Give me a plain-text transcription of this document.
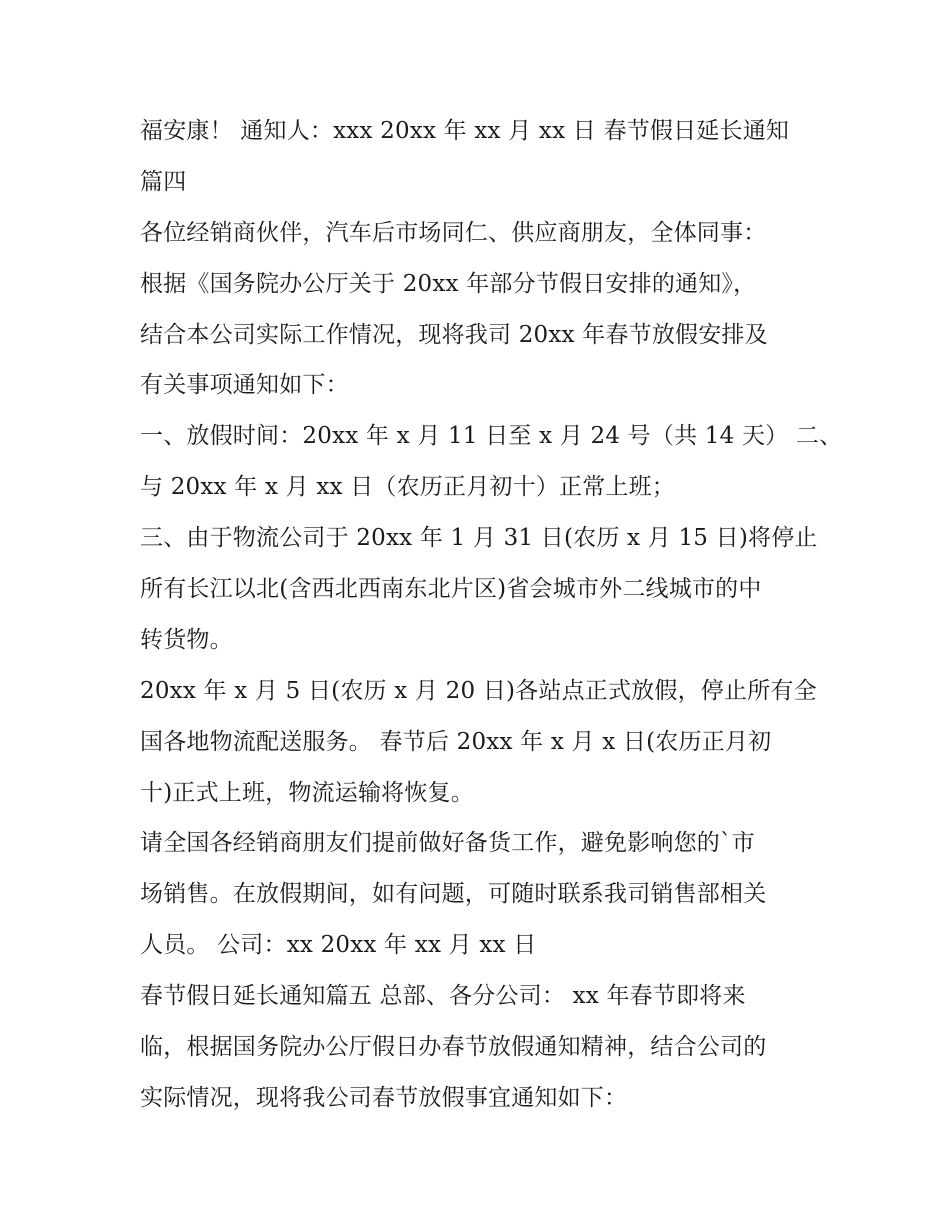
福安康！ 通知人：xxx 20xx 年 xx 月 xx 日 春节假日延长通知
篇四
各位经销商伙伴，汽车后市场同仁、供应商朋友，全体同事：
根据《国务院办公厅关于 20xx 年部分节假日安排的通知》，
结合本公司实际工作情况，现将我司 20xx 年春节放假安排及
有关事项通知如下：
一、放假时间：20xx 年 x 月 11 日至 x 月 24 号（共 14 天） 二、
与 20xx 年 x 月 xx 日（农历正月初十）正常上班；
三、由于物流公司于 20xx 年 1 月 31 日(农历 x 月 15 日)将停止
所有长江以北(含西北西南东北片区)省会城市外二线城市的中
转货物。
20xx 年 x 月 5 日(农历 x 月 20 日)各站点正式放假，停止所有全
国各地物流配送服务。 春节后 20xx 年 x 月 x 日(农历正月初
十)正式上班，物流运输将恢复。
请全国各经销商朋友们提前做好备货工作，避免影响您的`市
场销售。在放假期间，如有问题，可随时联系我司销售部相关
人员。 公司：xx 20xx 年 xx 月 xx 日
春节假日延长通知篇五 总部、各分公司： xx 年春节即将来
临，根据国务院办公厅假日办春节放假通知精神，结合公司的
实际情况，现将我公司春节放假事宜通知如下：
